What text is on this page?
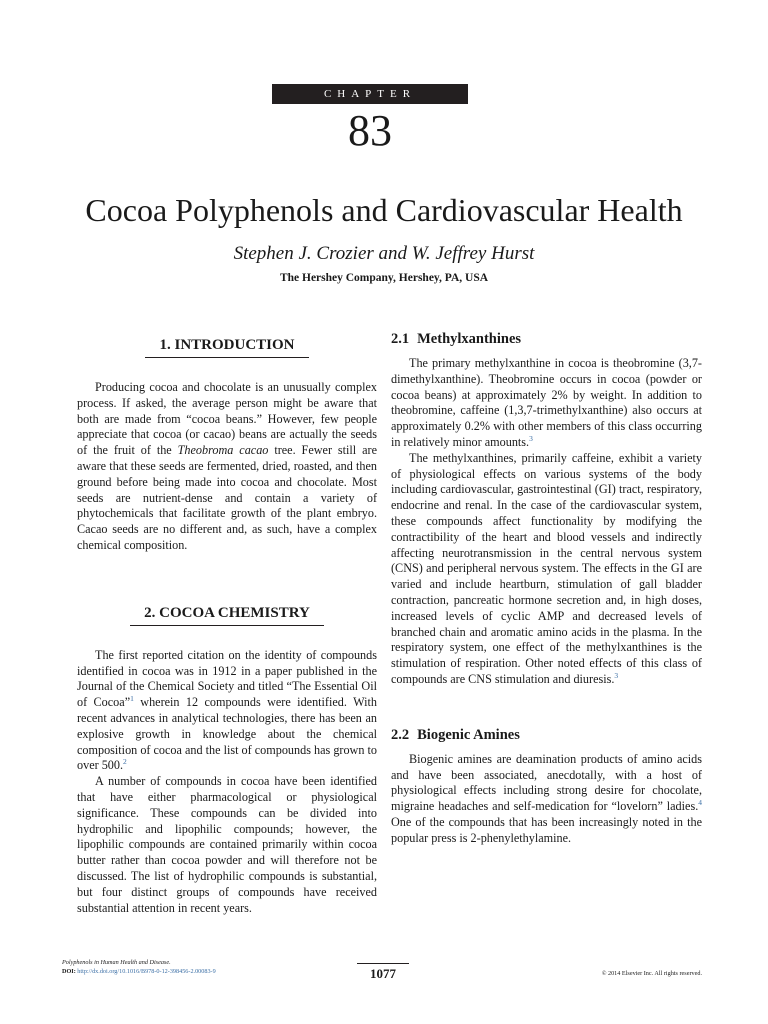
CHAPTER
83
Cocoa Polyphenols and Cardiovascular Health
Stephen J. Crozier and W. Jeffrey Hurst
The Hershey Company, Hershey, PA, USA
1. INTRODUCTION

Producing cocoa and chocolate is an unusually complex process. If asked, the average person might be aware that both are made from “cocoa beans.” However, few people appreciate that cocoa (or cacao) beans are actually the seeds of the fruit of the Theobroma cacao tree. Fewer still are aware that these seeds are fermented, dried, roasted, and then ground before being made into cocoa and chocolate. Most seeds are nutrient-dense and contain a variety of phytochemicals that facilitate growth of the plant embryo. Cacao seeds are no different and, as such, have a complex chemical composition.

2. COCOA CHEMISTRY

The first reported citation on the identity of compounds identified in cocoa was in 1912 in a paper published in the Journal of the Chemical Society and titled “The Essential Oil of Cocoa”$^1$ wherein 12 compounds were identified. With recent advances in analytical technologies, there has been an explosive growth in knowledge about the chemical composition of cocoa and the list of compounds has grown to over 500.$^2$

A number of compounds in cocoa have been identified that have either pharmacological or physiological significance. These compounds can be divided into hydrophilic and lipophilic compounds; however, the lipophilic compounds are contained primarily within cocoa butter rather than cocoa powder and will therefore not be discussed. The list of hydrophilic compounds is substantial, but four distinct groups of compounds have received substantial attention in recent years.

2.1 Methylxanthines

The primary methylxanthine in cocoa is theobromine (3,7-dimethylxanthine). Theobromine occurs in cocoa (powder or cocoa beans) at approximately 2% by weight. In addition to theobromine, caffeine (1,3,7-trimethylxanthine) also occurs at approximately 0.2% with other members of this class occurring in relatively minor amounts.$^3$

The methylxanthines, primarily caffeine, exhibit a variety of physiological effects on various systems of the body including cardiovascular, gastrointestinal (GI) tract, respiratory, endocrine and renal. In the case of the cardiovascular system, these compounds affect functionality by modifying the contractibility of the heart and blood vessels and indirectly affecting neurotransmission in the central nervous system (CNS) and peripheral nervous system. The effects in the GI are varied and include heartburn, stimulation of gall bladder contraction, pancreatic hormone secretion and, in high doses, increased levels of cyclic AMP and decreased levels of branched chain and aromatic amino acids in the plasma. In the respiratory system, one effect of the methylxanthines is the stimulation of respiration. Other noted effects of this class of compounds are CNS stimulation and diuresis.$^3$

2.2 Biogenic Amines

Biogenic amines are deamination products of amino acids and have been associated, anecdotally, with a host of physiological effects including strong desire for chocolate, migraine headaches and self-medication for “lovelorn” ladies.$^4$ One of the compounds that has been increasingly noted in the popular press is 2-phenylethylamine.

Polyphenols in Human Health and Disease.
DOI: http://dx.doi.org/10.1016/B978-0-12-398456-2.00083-9	1077	© 2014 Elsevier Inc. All rights reserved.
